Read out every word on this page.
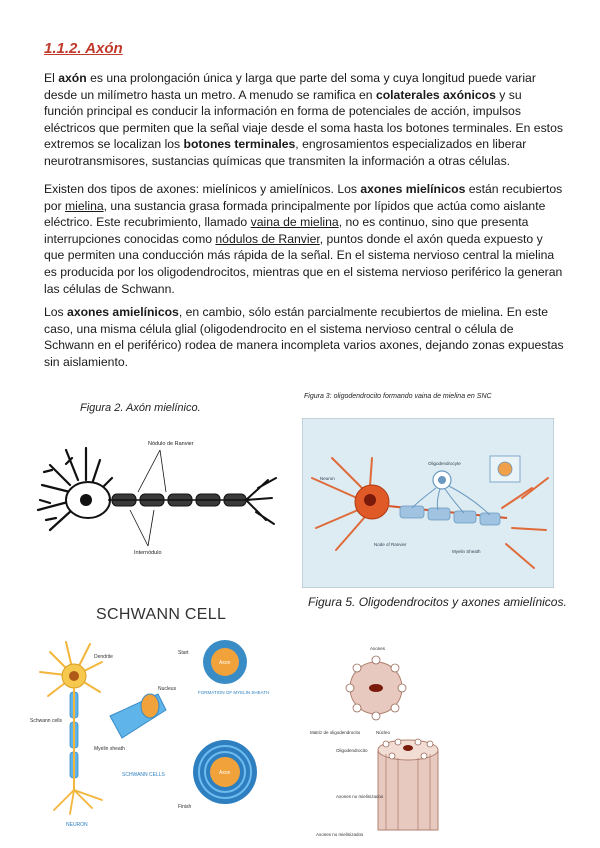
1.1.2. Axón

El axón es una prolongación única y larga que parte del soma y cuya longitud puede variar desde un milímetro hasta un metro. A menudo se ramifica en colaterales axónicos y su función principal es conducir la información en forma de potenciales de acción, impulsos eléctricos que permiten que la señal viaje desde el soma hasta los botones terminales. En estos extremos se localizan los botones terminales, engrosamientos especializados en liberar neurotransmisores, sustancias químicas que transmiten la información a otras células.

Existen dos tipos de axones: mielínicos y amielínicos. Los axones mielínicos están recubiertos por mielina, una sustancia grasa formada principalmente por lípidos que actúa como aislante eléctrico. Este recubrimiento, llamado vaina de mielina, no es continuo, sino que presenta interrupciones conocidas como nódulos de Ranvier, puntos donde el axón queda expuesto y que permiten una conducción más rápida de la señal. En el sistema nervioso central la mielina es producida por los oligodendrocitos, mientras que en el sistema nervioso periférico la generan las células de Schwann.

Los axones amielínicos, en cambio, sólo están parcialmente recubiertos de mielina. En este caso, una misma célula glial (oligodendrocito en el sistema nervioso central o célula de Schwann en el periférico) rodea de manera incompleta varios axones, dejando zonas expuestas sin aislamiento.

Figura 2. Axón mielínico.
Nódulo de Ranvier
Internódulo
Figura 3: oligodendrocito formando vaina de mielina en SNC
Oligodendrocyte
Neuron
Node of Ranvier
Myelin Sheath
SCHWANN CELL
Figura 5. Oligodendrocitos y axones amielínicos.
Dendrite
Schwann cells
Nucleus
Myelin sheath
Start
Axon
FORMATION OF MYELIN SHEATH
Axon
Finish
SCHWANN CELLS
NEURON
Axones
Matriz de oligodendrocito	Núcleo
Oligodendrocito
Axones no mielinizados
Axones no mielinizados
